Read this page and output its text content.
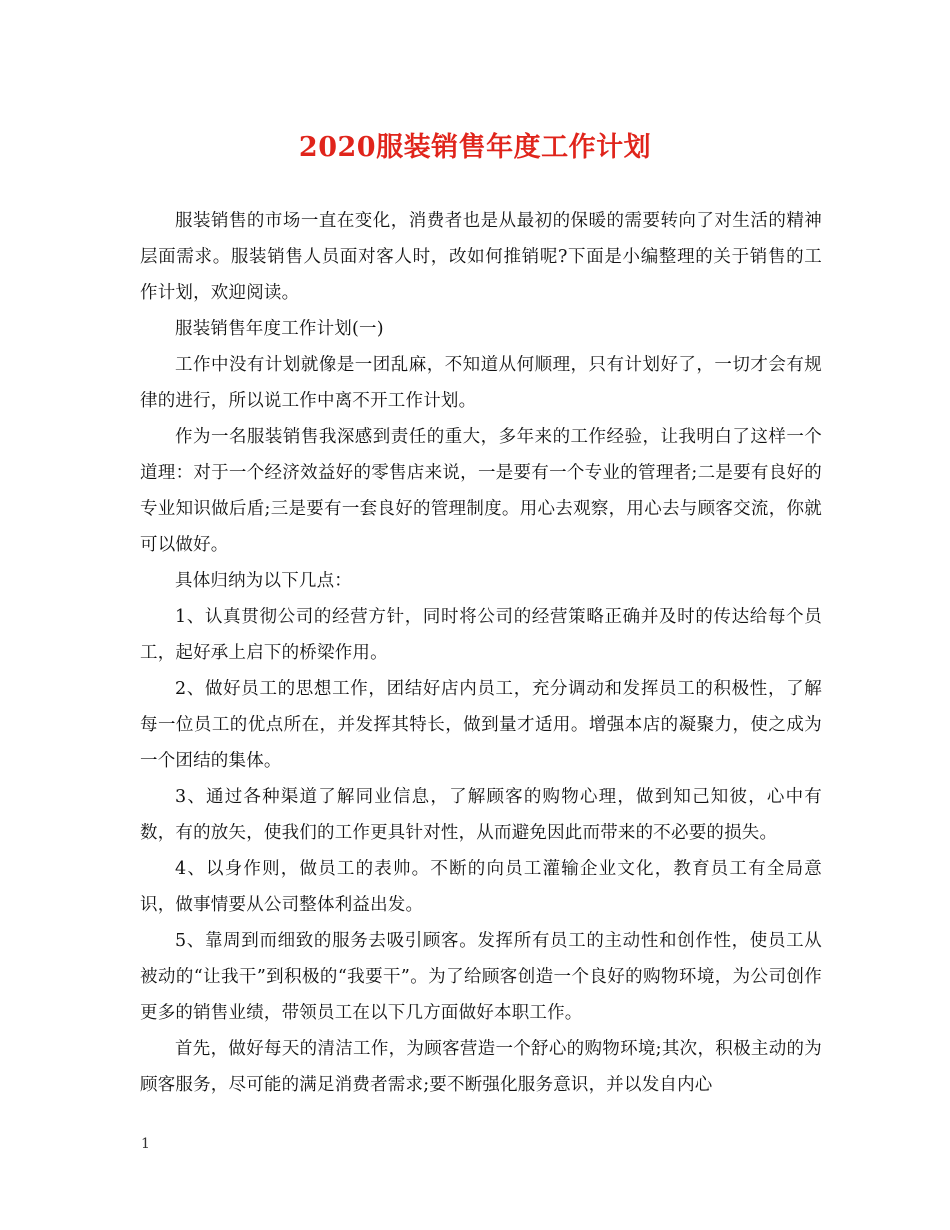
2020服装销售年度工作计划

服装销售的市场一直在变化，消费者也是从最初的保暖的需要转向了对生活的精神层面需求。服装销售人员面对客人时，改如何推销呢?下面是小编整理的关于销售的工作计划，欢迎阅读。

服装销售年度工作计划(一)

工作中没有计划就像是一团乱麻，不知道从何顺理，只有计划好了，一切才会有规律的进行，所以说工作中离不开工作计划。

作为一名服装销售我深感到责任的重大，多年来的工作经验，让我明白了这样一个道理：对于一个经济效益好的零售店来说，一是要有一个专业的管理者;二是要有良好的专业知识做后盾;三是要有一套良好的管理制度。用心去观察，用心去与顾客交流，你就可以做好。

具体归纳为以下几点：

1、认真贯彻公司的经营方针，同时将公司的经营策略正确并及时的传达给每个员工，起好承上启下的桥梁作用。

2、做好员工的思想工作，团结好店内员工，充分调动和发挥员工的积极性，了解每一位员工的优点所在，并发挥其特长，做到量才适用。增强本店的凝聚力，使之成为一个团结的集体。

3、通过各种渠道了解同业信息，了解顾客的购物心理，做到知己知彼，心中有数，有的放矢，使我们的工作更具针对性，从而避免因此而带来的不必要的损失。

4、以身作则，做员工的表帅。不断的向员工灌输企业文化，教育员工有全局意识，做事情要从公司整体利益出发。

5、靠周到而细致的服务去吸引顾客。发挥所有员工的主动性和创作性，使员工从被动的“让我干”到积极的“我要干”。为了给顾客创造一个良好的购物环境，为公司创作更多的销售业绩，带领员工在以下几方面做好本职工作。

首先，做好每天的清洁工作，为顾客营造一个舒心的购物环境;其次，积极主动的为顾客服务，尽可能的满足消费者需求;要不断强化服务意识，并以发自内心

1
